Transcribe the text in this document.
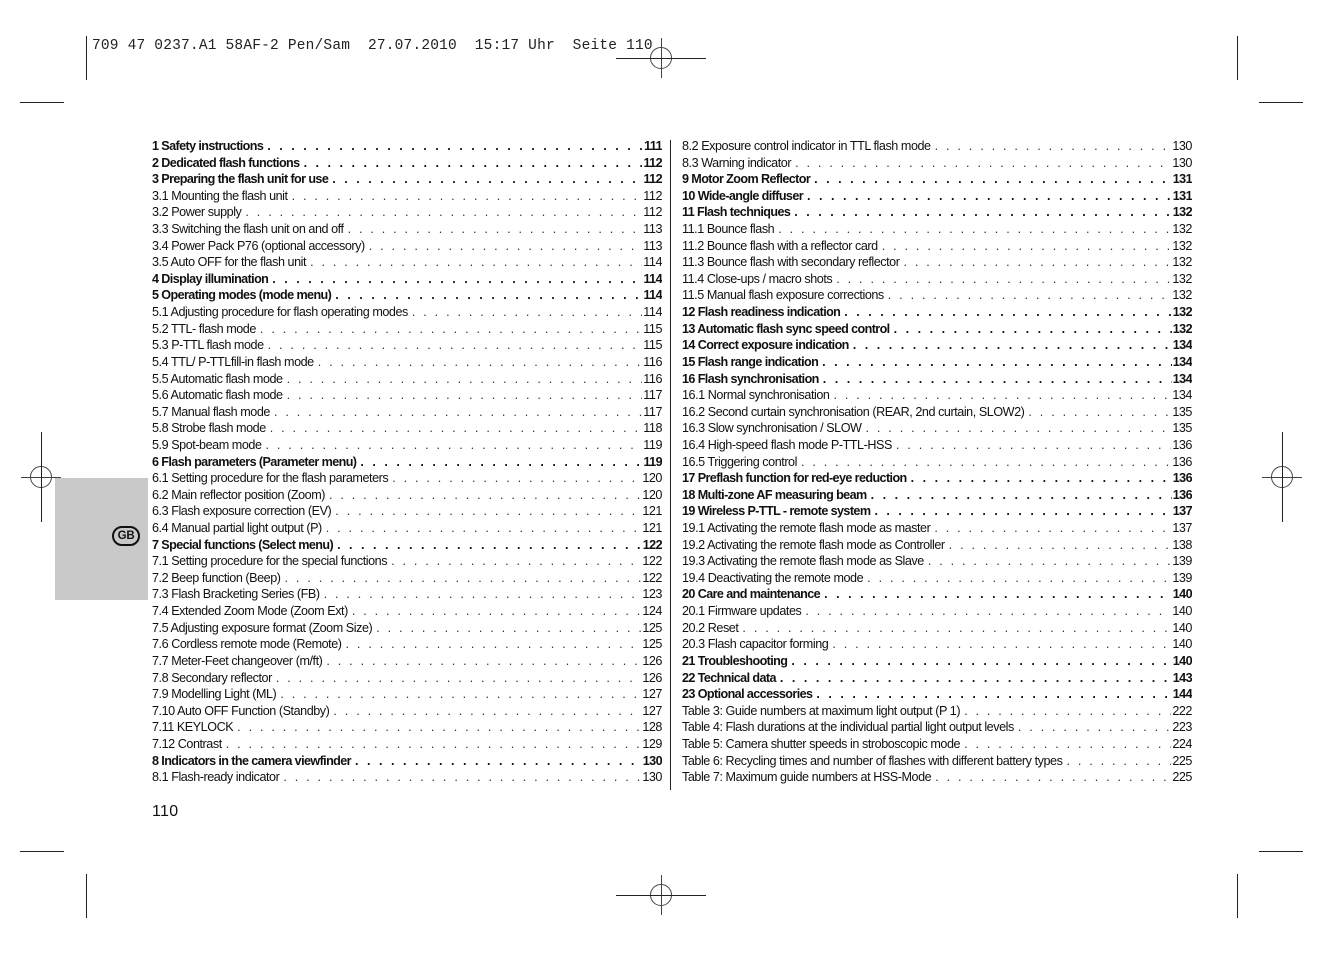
709 47 0237.A1 58AF-2 Pen/Sam  27.07.2010  15:17 Uhr  Seite 110
GB
1 Safety instructions . . .	111
2 Dedicated flash functions . . .	112
3 Preparing the flash unit for use . . .	112
3.1 Mounting the flash unit . . .	112
3.2 Power supply . . .	112
3.3 Switching the flash unit on and off . . .	113
3.4 Power Pack P76 (optional accessory) . . .	113
3.5 Auto OFF for the flash unit . . .	114
4 Display illumination . . .	114
5 Operating modes (mode menu) . . .	114
5.1 Adjusting procedure for flash operating modes . . .	114
5.2 TTL- flash mode . . .	115
5.3 P-TTL flash mode . . .	115
5.4 TTL/ P-TTLfill-in flash mode . . .	116
5.5 Automatic flash mode . . .	116
5.6 Automatic flash mode . . .	117
5.7 Manual flash mode . . .	117
5.8 Strobe flash mode . . .	118
5.9 Spot-beam mode . . .	119
6 Flash parameters (Parameter menu) . . .	119
6.1 Setting procedure for the flash parameters . . .	120
6.2 Main reflector position (Zoom) . . .	120
6.3 Flash exposure correction (EV) . . .	121
6.4 Manual partial light output (P) . . .	121
7 Special functions (Select menu) . . .	122
7.1 Setting procedure for the special functions . . .	122
7.2 Beep function (Beep) . . .	122
7.3 Flash Bracketing Series (FB) . . .	123
7.4 Extended Zoom Mode (Zoom Ext) . . .	124
7.5 Adjusting exposure format (Zoom Size) . . .	125
7.6 Cordless remote mode (Remote) . . .	125
7.7 Meter-Feet changeover (m/ft) . . .	126
7.8 Secondary reflector . . .	126
7.9 Modelling Light (ML) . . .	127
7.10 Auto OFF Function (Standby) . . .	127
7.11 KEYLOCK . . .	128
7.12 Contrast . . .	129
8 Indicators in the camera viewfinder . . .	130
8.1 Flash-ready indicator . . .	130
8.2 Exposure control indicator in TTL flash mode . . .	130
8.3 Warning indicator . . .	130
9 Motor Zoom Reflector . . .	131
10 Wide-angle diffuser . . .	131
11 Flash techniques . . .	132
11.1 Bounce flash . . .	132
11.2 Bounce flash with a reflector card . . .	132
11.3 Bounce flash with secondary reflector . . .	132
11.4 Close-ups / macro shots . . .	132
11.5 Manual flash exposure corrections . . .	132
12 Flash readiness indication . . .	132
13 Automatic flash sync speed control . . .	132
14 Correct exposure indication . . .	134
15 Flash range indication . . .	134
16 Flash synchronisation . . .	134
16.1 Normal synchronisation . . .	134
16.2 Second curtain synchronisation (REAR, 2nd curtain, SLOW2) . . .	135
16.3 Slow synchronisation / SLOW . . .	135
16.4 High-speed flash mode P-TTL-HSS . . .	136
16.5 Triggering control . . .	136
17 Preflash function for red-eye reduction . . .	136
18 Multi-zone AF measuring beam . . .	136
19 Wireless P-TTL - remote system . . .	137
19.1 Activating the remote flash mode as master . . .	137
19.2 Activating the remote flash mode as Controller . . .	138
19.3 Activating the remote flash mode as Slave . . .	139
19.4 Deactivating the remote mode . . .	139
20 Care and maintenance . . .	140
20.1 Firmware updates . . .	140
20.2 Reset . . .	140
20.3 Flash capacitor forming . . .	140
21 Troubleshooting . . .	140
22 Technical data . . .	143
23 Optional accessories . . .	144
Table 3: Guide numbers at maximum light output (P 1) . . .	222
Table 4: Flash durations at the individual partial light output levels . . .	223
Table 5: Camera shutter speeds in stroboscopic mode . . .	224
Table 6: Recycling times and number of flashes with different battery types . . .	225
Table 7: Maximum guide numbers at HSS-Mode . . .	225
110
